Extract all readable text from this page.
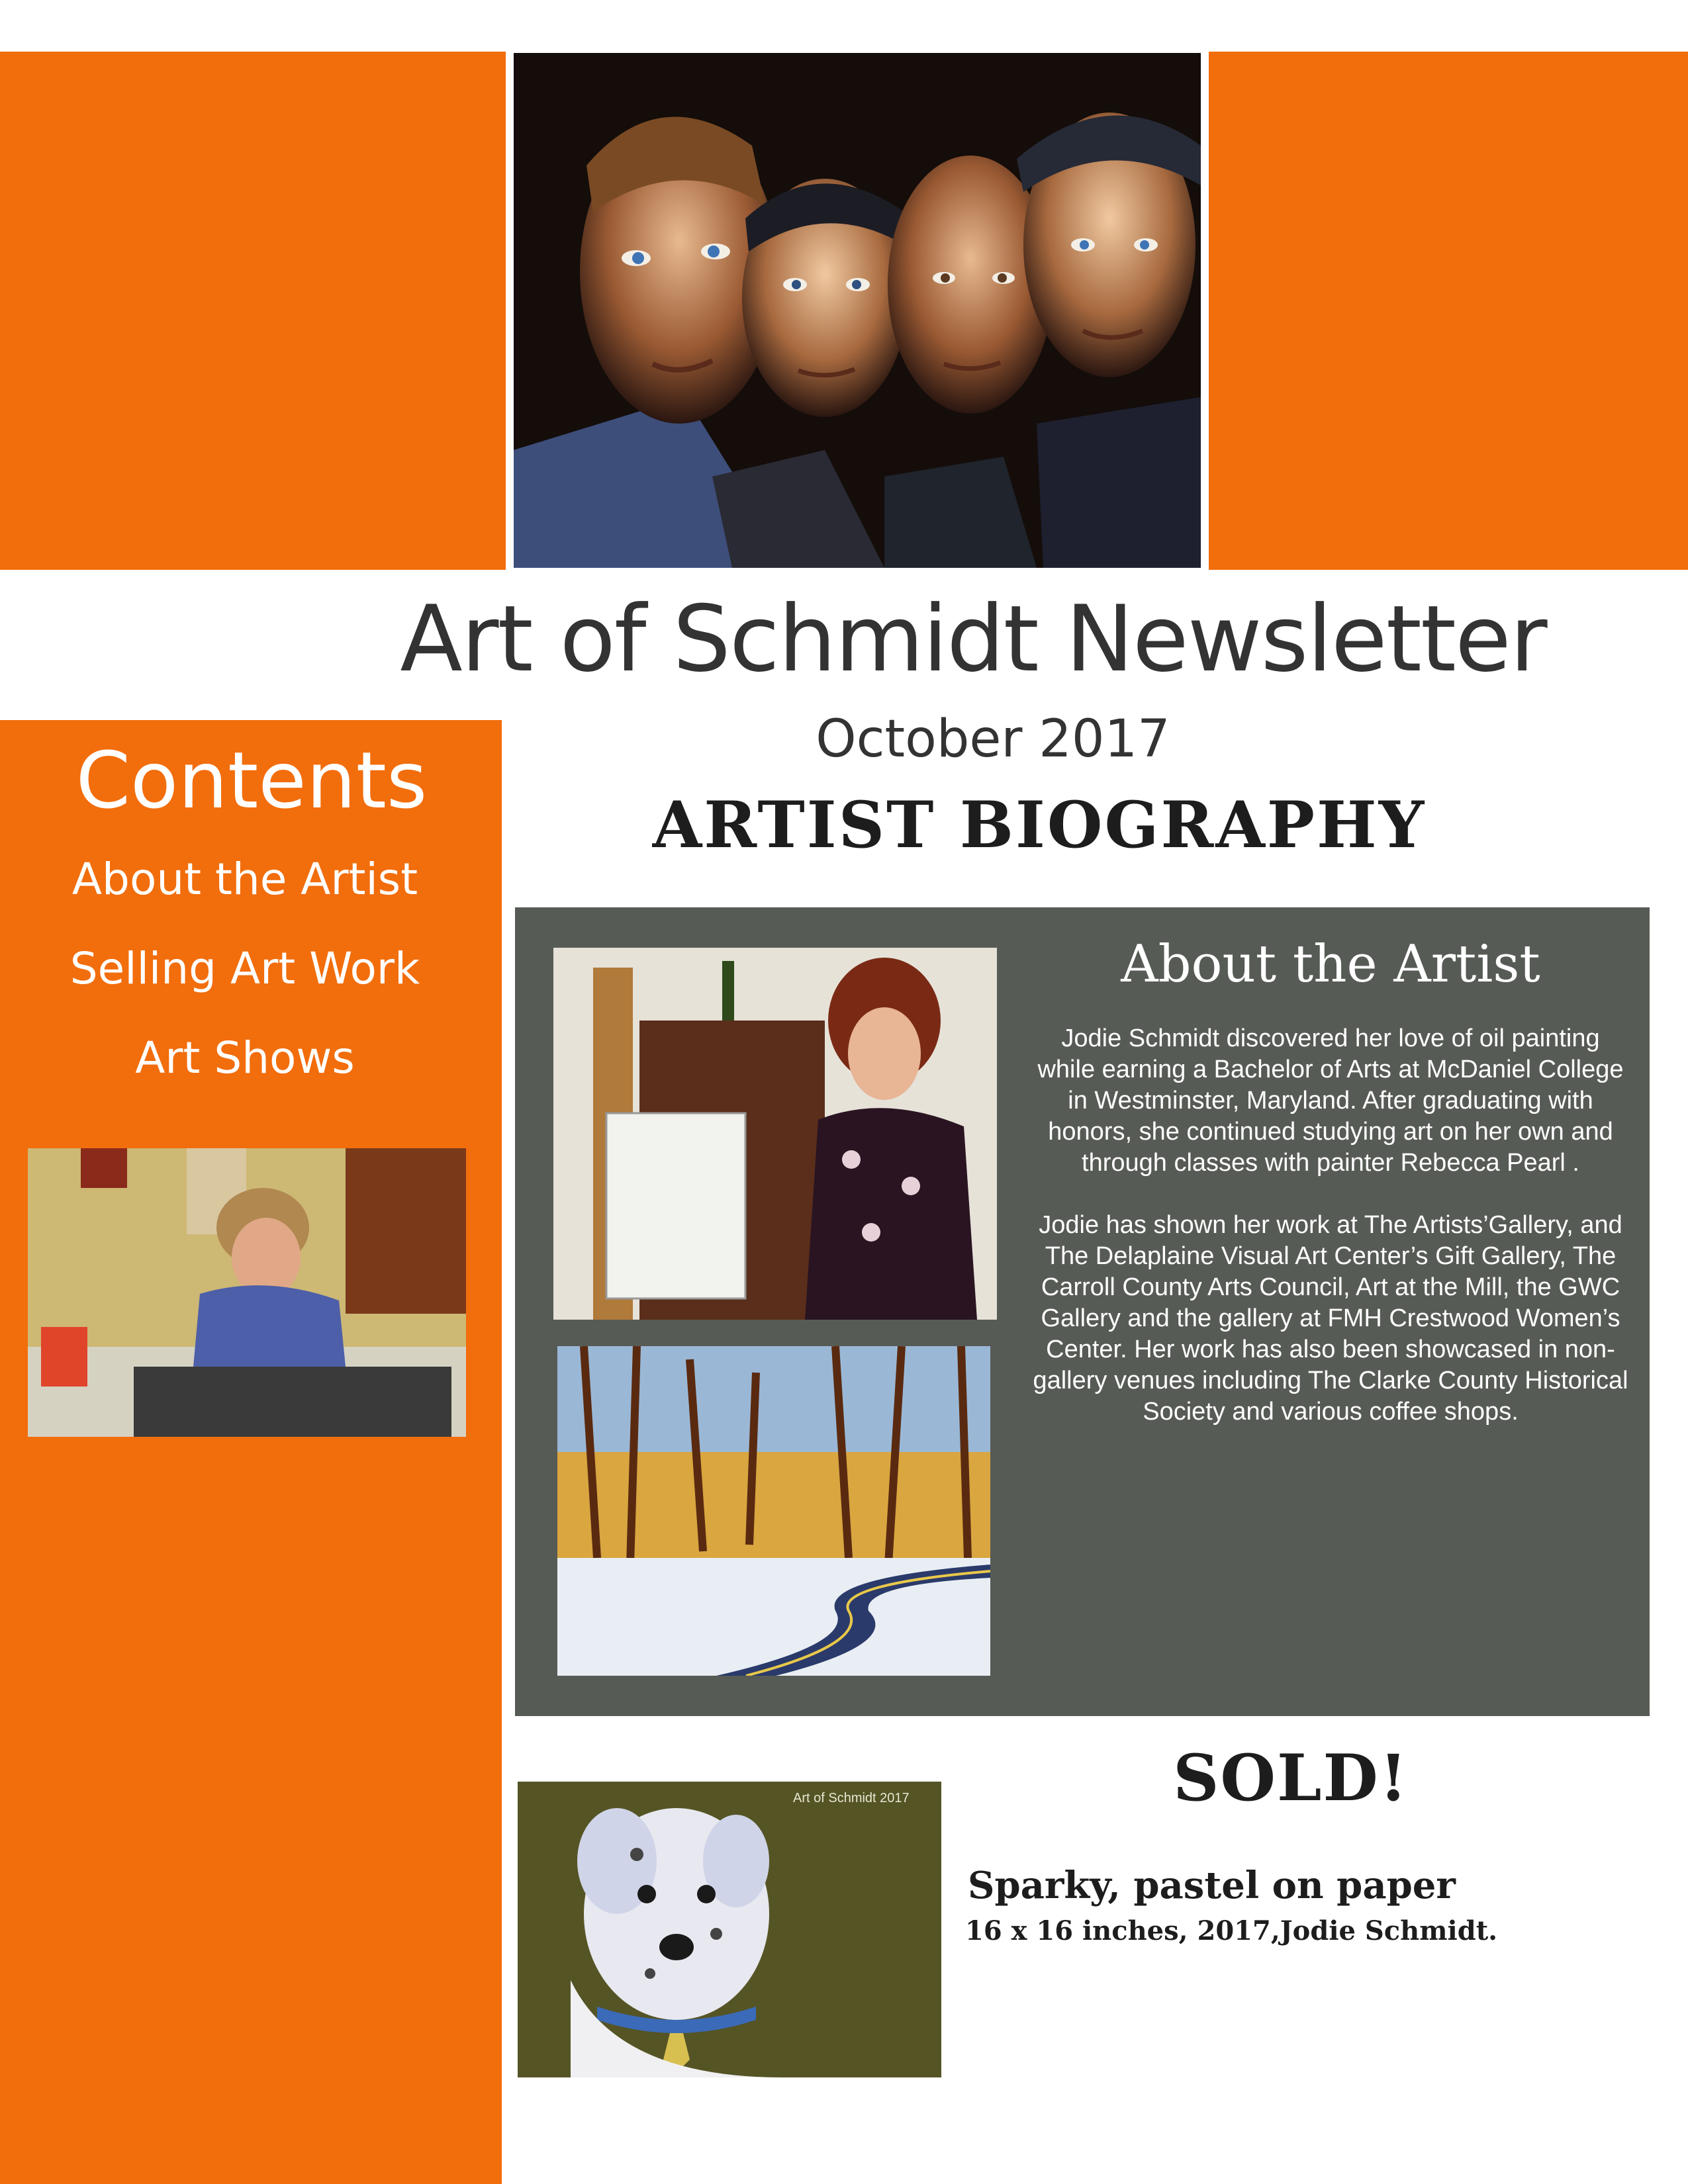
Art of Schmidt Newsletter
October 2017
ARTIST BIOGRAPHY
Contents
About the Artist
Selling Art Work
Art Shows
About the Artist

Jodie Schmidt discovered her love of oil painting while earning a Bachelor of Arts at McDaniel College in Westminster, Maryland. After graduating with honors, she continued studying art on her own and through classes with painter Rebecca Pearl .

Jodie has shown her work at The Artists’Gallery, and The Delaplaine Visual Art Center’s Gift Gallery, The Carroll County Arts Council, Art at the Mill, the GWC Gallery and the gallery at FMH Crestwood Women’s Center. Her work has also been showcased in non-gallery venues including The Clarke County Historical Society and various coffee shops.

Art of Schmidt 2017	SOLD!
Sparky, pastel on paper
16 x 16 inches, 2017,Jodie Schmidt.
